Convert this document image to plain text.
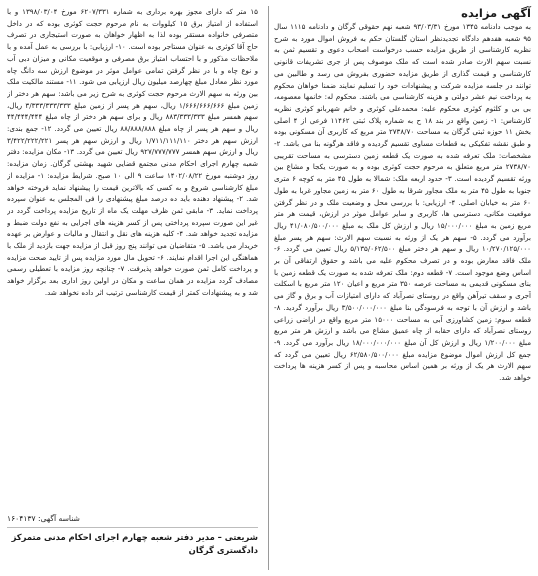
آگهی مزایده

به موجب دادنامه ۱۳۴۵ مورخ ۹۳/۰۳/۳۱ شعبه نهم حقوقی گرگان و دادنامه ۱۱۱۵ سال ۹۵ شعبه هفدهم دادگاه تجدیدنظر استان گلستان حکم به فروش اموال مورد به شرح نظریه کارشناسی از طریق مزایده حسب درخواست اصحاب دعوی و تقسیم ثمن به نسبت سهم الارث صادر شده است که ملک موصوف پس از جری تشریفات قانونی کارشناسی و قیمت گذاری از طریق مزایده حضوری بفروش می رسد و طالبین می توانند در جلسه مزایده شرکت و پیشنهادات خود را تسلیم نمایند ضمنا خواهان محکوم به پرداخت نیم عشر دولتی و هزینه کارشناسی می باشند. محکوم له: خانمها معصومه، بی بی و کلثوم کوثری محکوم علیه: محمدعلی کوثری و خانم شهربانو کوثری نظریه کارشناس: ۱- زمین واقع در بند ۱۸ ح به شماره پلاک ثبتی ۱۱۴۶۲ فرعی از ۴ اصلی بخش ۱۱ حوزه ثبتی گرگان به مساحت ۲۷۳۸/۷۰ متر مربع که کاربری آن مسکونی بوده و طبق نقشه تفکیکی به قطعات مساوی تقسیم گردیده و فاقد هرگونه بنا می باشد. ۲- مشخصات: ملک تعرفه شده به صورت یک قطعه زمین دسترسی به مساحت تقریبی ۲۷۳۸/۷۰ متر مربع متعلق به مرحوم حجت کوثری بوده و به صورت یکجا و مشاع بین ورثه تقسیم گردیده است. ۳- حدود اربعه ملک: شمالا به طول ۴۵ متر به کوچه ۶ متری جنوبا به طول ۴۵ متر به ملک مجاور شرقا به طول ۶۰ متر به زمین مجاور غربا به طول ۶۰ متر به خیابان اصلی. ۴- ارزیابی: با بررسی محل و وضعیت ملک و در نظر گرفتن موقعیت مکانی، دسترسی ها، کاربری و سایر عوامل موثر در ارزش، قیمت هر متر مربع زمین به مبلغ ۱۵/۰۰۰/۰۰۰ ریال و ارزش کل ملک به مبلغ ۴۱/۰۸۰/۵۰۰/۰۰۰ ریال برآورد می گردد. ۵- سهم هر یک از ورثه به نسبت سهم الارث: سهم هر پسر مبلغ ۱۰/۲۷۰/۱۲۵/۰۰۰ ریال و سهم هر دختر مبلغ ۵/۱۳۵/۰۶۲/۵۰۰ ریال تعیین می گردد. ۶- ملک فاقد معارض بوده و در تصرف محکوم علیه می باشد و حقوق ارتفاقی آن بر اساس وضع موجود است. ۷- قطعه دوم: ملک تعرفه شده به صورت یک قطعه زمین با بنای مسکونی قدیمی به مساحت عرصه ۳۵۰ متر مربع و اعیان ۱۲۰ متر مربع با اسکلت آجری و سقف تیرآهن واقع در روستای نصرآباد که دارای امتیازات آب و برق و گاز می باشد و ارزش آن با توجه به فرسودگی بنا مبلغ ۳/۵۰۰/۰۰۰/۰۰۰ ریال برآورد گردید. ۸- قطعه سوم: زمین کشاورزی آبی به مساحت ۱۵۰۰۰ متر مربع واقع در اراضی زراعی روستای نصرآباد که دارای حقابه از چاه عمیق مشاع می باشد و ارزش هر متر مربع مبلغ ۱/۲۰۰/۰۰۰ ریال و ارزش کل آن مبلغ ۱۸/۰۰۰/۰۰۰/۰۰۰ ریال برآورد می گردد. ۹- جمع کل ارزش اموال موضوع مزایده مبلغ ۶۲/۵۸۰/۵۰۰/۰۰۰ ریال تعیین می گردد که سهم الارث هر یک از ورثه بر همین اساس محاسبه و پس از کسر هزینه ها پرداخت خواهد شد.

۱۵ متر که دارای مجوز بهره برداری به شماره ۶۲۰۷/۳۳۱ مورخ ۱۳۹۸/۰۳/۰۴ و با استفاده از امتیاز برق ۱۵ کیلووات به نام مرحوم حجت کوثری بوده که در داخل متصرفی خانواده مستقر بوده لذا به اظهار خواهان به صورت استیجاری در تصرف حاج آقا کوثری به عنوان مستاجر بوده است. ۱۰- ارزیابی: با بررسی به عمل آمده و با ملاحظات مذکور و با احتساب امتیاز برق مصرفی و موقعیت مکانی و میزان دبی آب و نوع چاه و با در نظر گرفتن تمامی عوامل موثر در موضوع ارزش سه دانگ چاه مورد نظر معادل مبلغ چهارصد میلیون ریال ارزیابی می شود. ۱۱- مستند مالکیت ملک بین ورثه به سهم الارث مرحوم حجت کوثری به شرح زیر می باشد: سهم هر دختر از زمین مبلغ ۱/۶۶۶/۶۶۶/۶۶۶ ریال، سهم هر پسر از زمین مبلغ ۳/۳۳۳/۳۳۳/۳۳۳ ریال، سهم همسر مبلغ ۸۸۳/۳۳۳/۳۳۳ ریال و برای سهم هر دختر از چاه مبلغ ۴۴/۴۴۴/۴۴۴ ریال و سهم هر پسر از چاه مبلغ ۸۸/۸۸۸/۸۸۸ ریال تعیین می گردد. ۱۲- جمع بندی: ارزش سهم هر دختر ۱/۷۱۱/۱۱۱/۱۱۰ ریال و ارزش سهم هر پسر ۳/۴۲۲/۲۲۲/۲۲۱ ریال و ارزش سهم همسر ۹۲۷/۷۷۷/۷۷۷ ریال تعیین می گردد. ۱۳- مکان مزایده: دفتر شعبه چهارم اجرای احکام مدنی مجتمع قضایی شهید بهشتی گرگان. زمان مزایده: روز دوشنبه مورخ ۱۴۰۲/۰۸/۲۲ ساعت ۹ الی ۱۰ صبح. شرایط مزایده: ۱- مزایده از مبلغ کارشناسی شروع و به کسی که بالاترین قیمت را پیشنهاد نماید فروخته خواهد شد. ۲- پیشنهاد دهنده باید ده درصد مبلغ پیشنهادی را فی المجلس به عنوان سپرده پرداخت نماید. ۳- مابقی ثمن ظرف مهلت یک ماه از تاریخ مزایده پرداخت گردد در غیر این صورت سپرده پرداختی پس از کسر هزینه های اجرایی به نفع دولت ضبط و مزایده تجدید خواهد شد. ۴- کلیه هزینه های نقل و انتقال و مالیات و عوارض بر عهده خریدار می باشد. ۵- متقاضیان می توانند پنج روز قبل از مزایده جهت بازدید از ملک با هماهنگی این اجرا اقدام نمایند. ۶- تحویل مال مورد مزایده پس از تایید صحت مزایده و پرداخت کامل ثمن صورت خواهد پذیرفت. ۷- چنانچه روز مزایده با تعطیلی رسمی مصادف گردد مزایده در همان ساعت و مکان در اولین روز اداری بعد برگزار خواهد شد و به پیشنهادات کمتر از قیمت کارشناسی ترتیب اثر داده نخواهد شد.

شناسه آگهی: ۱۶۰۴۱۳۷
شریعتی – مدیر دفتر شعبه چهارم اجرای احکام مدنی متمرکز دادگستری گرگان
